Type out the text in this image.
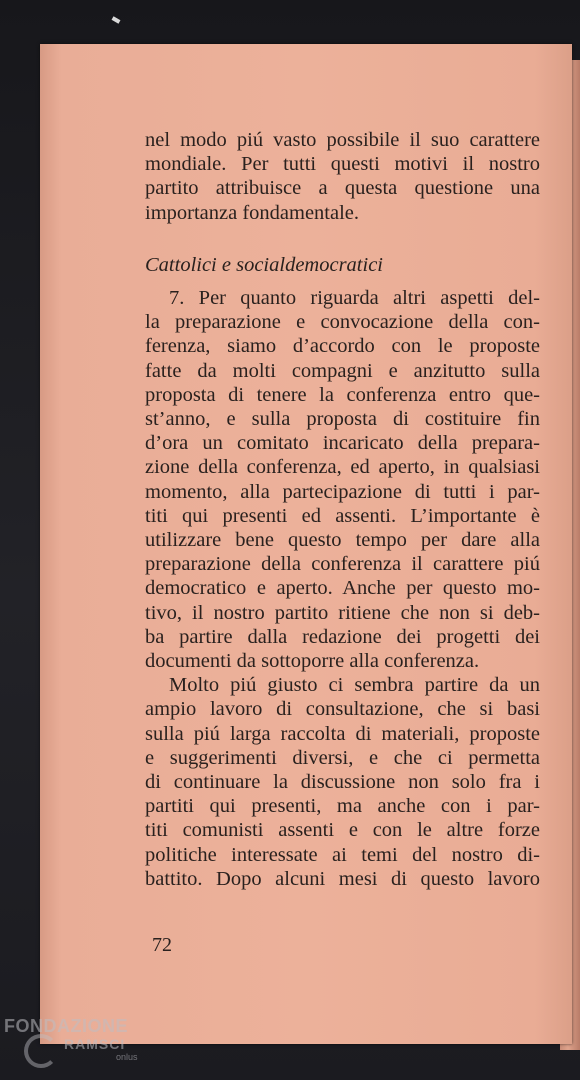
nel modo piú vasto possibile il suo carattere
mondiale. Per tutti questi motivi il nostro
partito attribuisce a questa questione una
importanza fondamentale.
Cattolici e socialdemocratici
7. Per quanto riguarda altri aspetti del-
la preparazione e convocazione della con-
ferenza, siamo d’accordo con le proposte
fatte da molti compagni e anzitutto sulla
proposta di tenere la conferenza entro que-
st’anno, e sulla proposta di costituire fin
d’ora un comitato incaricato della prepara-
zione della conferenza, ed aperto, in qualsiasi
momento, alla partecipazione di tutti i par-
titi qui presenti ed assenti. L’importante è
utilizzare bene questo tempo per dare alla
preparazione della conferenza il carattere piú
democratico e aperto. Anche per questo mo-
tivo, il nostro partito ritiene che non si deb-
ba partire dalla redazione dei progetti dei
documenti da sottoporre alla conferenza.
Molto piú giusto ci sembra partire da un
ampio lavoro di consultazione, che si basi
sulla piú larga raccolta di materiali, proposte
e suggerimenti diversi, e che ci permetta
di continuare la discussione non solo fra i
partiti qui presenti, ma anche con i par-
titi comunisti assenti e con le altre forze
politiche interessate ai temi del nostro di-
battito. Dopo alcuni mesi di questo lavoro
72
FONDAZIONE
RAMSCI
onlus
